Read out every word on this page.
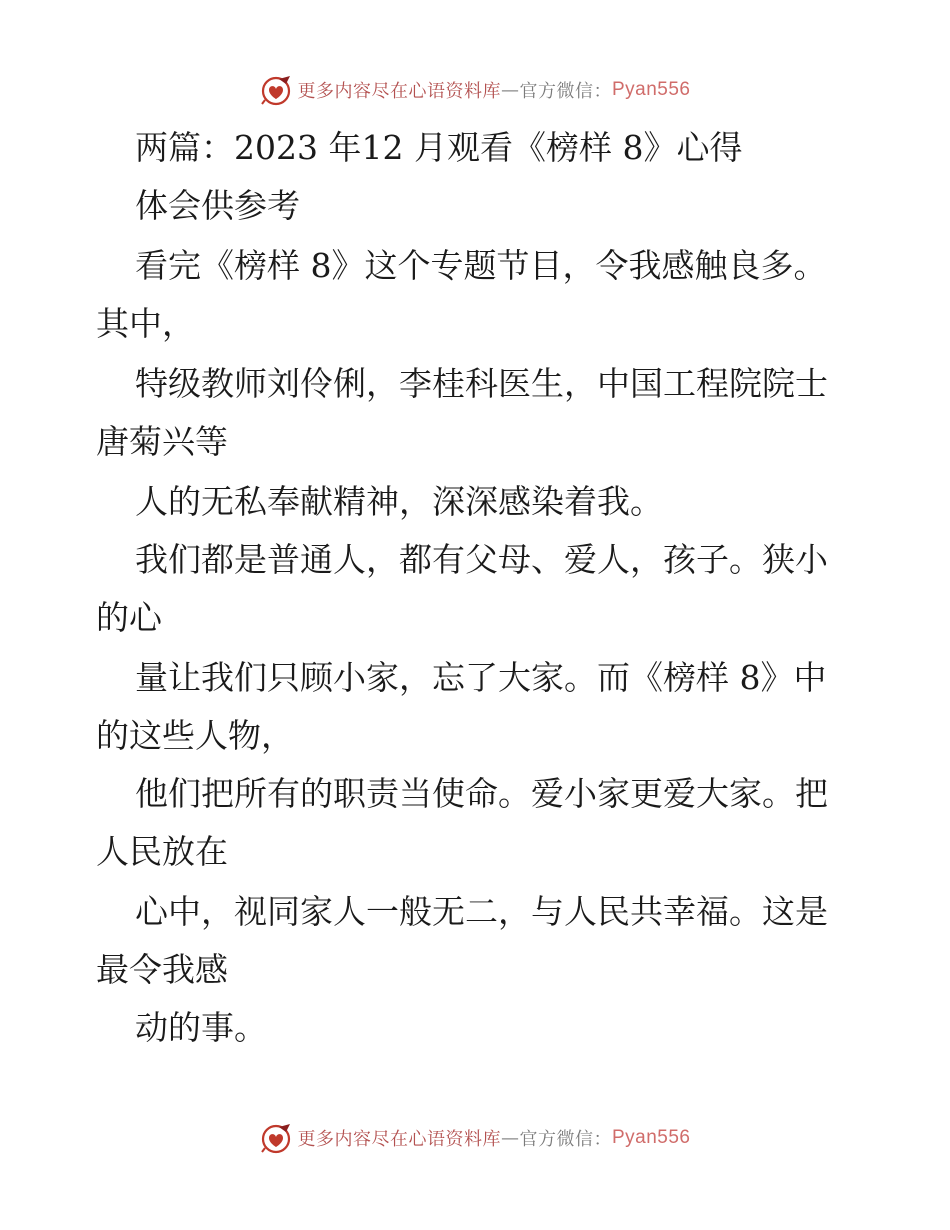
更多内容尽在心语资料库 — 官方微信： Pyan556
两篇：2023 年12 月观看《榜样 8》心得
体会供参考
看完《榜样 8》这个专题节目，令我感触良多。
其中，
特级教师刘伶俐，李桂科医生，中国工程院院士
唐菊兴等
人的无私奉献精神，深深感染着我。
我们都是普通人，都有父母、爱人，孩子。狭小
的心
量让我们只顾小家，忘了大家。而《榜样 8》中
的这些人物，
他们把所有的职责当使命。爱小家更爱大家。把
人民放在
心中，视同家人一般无二，与人民共幸福。这是
最令我感
动的事。
更多内容尽在心语资料库 — 官方微信： Pyan556
